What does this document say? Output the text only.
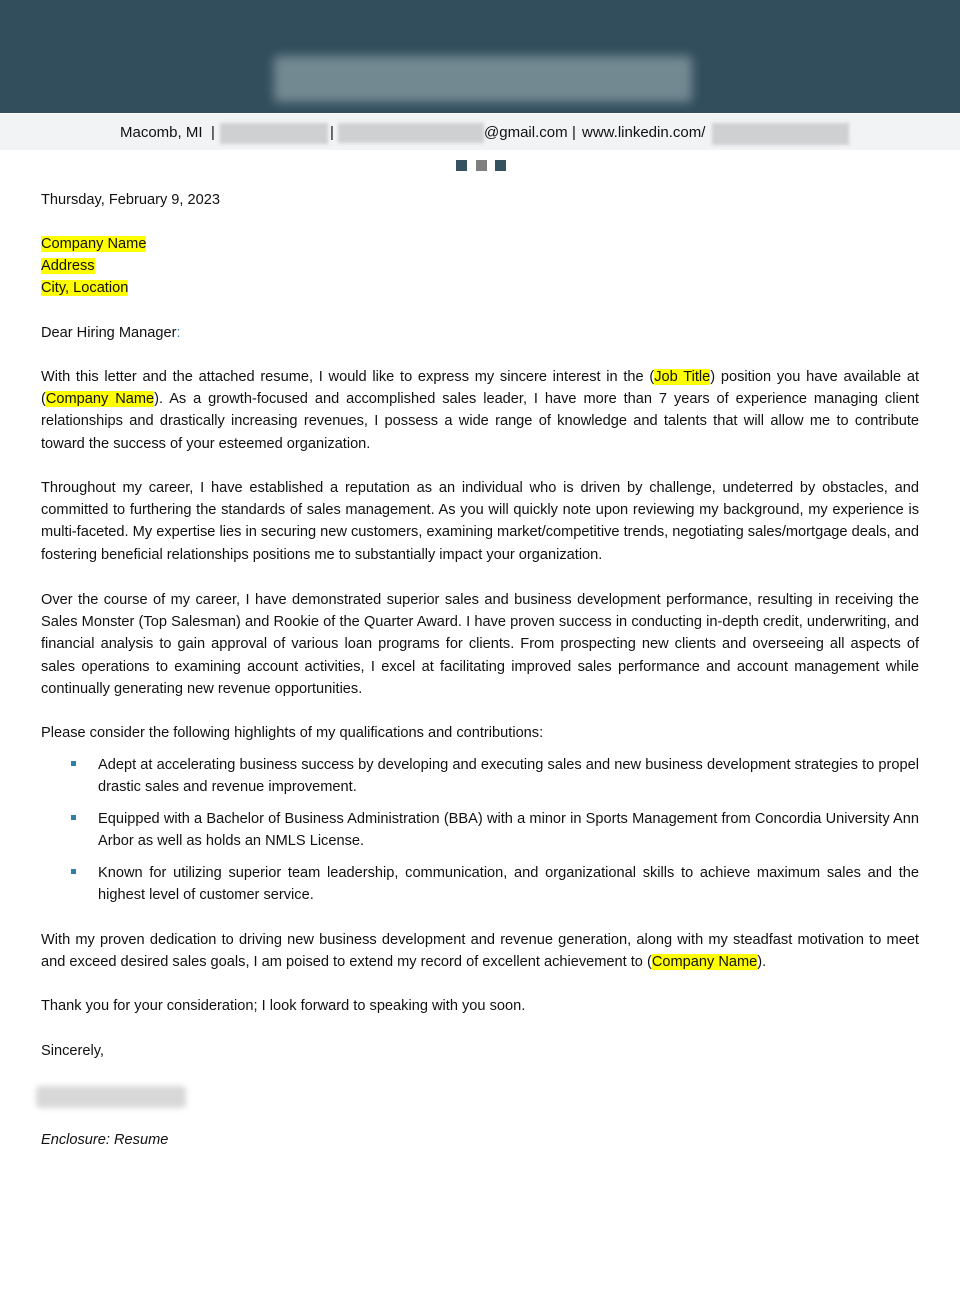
Macomb, MI |	|	@gmail.com | www.linkedin.com/
Thursday, February 9, 2023
Company Name
Address
City, Location
Dear Hiring Manager:
With this letter and the attached resume, I would like to express my sincere interest in the (Job Title) position you have available at (Company Name). As a growth-focused and accomplished sales leader, I have more than 7 years of experience managing client relationships and drastically increasing revenues, I possess a wide range of knowledge and talents that will allow me to contribute toward the success of your esteemed organization.
Throughout my career, I have established a reputation as an individual who is driven by challenge, undeterred by obstacles, and committed to furthering the standards of sales management. As you will quickly note upon reviewing my background, my experience is multi-faceted. My expertise lies in securing new customers, examining market/competitive trends, negotiating sales/mortgage deals, and fostering beneficial relationships positions me to substantially impact your organization.
Over the course of my career, I have demonstrated superior sales and business development performance, resulting in receiving the Sales Monster (Top Salesman) and Rookie of the Quarter Award. I have proven success in conducting in-depth credit, underwriting, and financial analysis to gain approval of various loan programs for clients. From prospecting new clients and overseeing all aspects of sales operations to examining account activities, I excel at facilitating improved sales performance and account management while continually generating new revenue opportunities.
Please consider the following highlights of my qualifications and contributions:
Adept at accelerating business success by developing and executing sales and new business development strategies to propel drastic sales and revenue improvement.
Equipped with a Bachelor of Business Administration (BBA) with a minor in Sports Management from Concordia University Ann Arbor as well as holds an NMLS License.
Known for utilizing superior team leadership, communication, and organizational skills to achieve maximum sales and the highest level of customer service.
With my proven dedication to driving new business development and revenue generation, along with my steadfast motivation to meet and exceed desired sales goals, I am poised to extend my record of excellent achievement to (Company Name).
Thank you for your consideration; I look forward to speaking with you soon.
Sincerely,
Enclosure: Resume
